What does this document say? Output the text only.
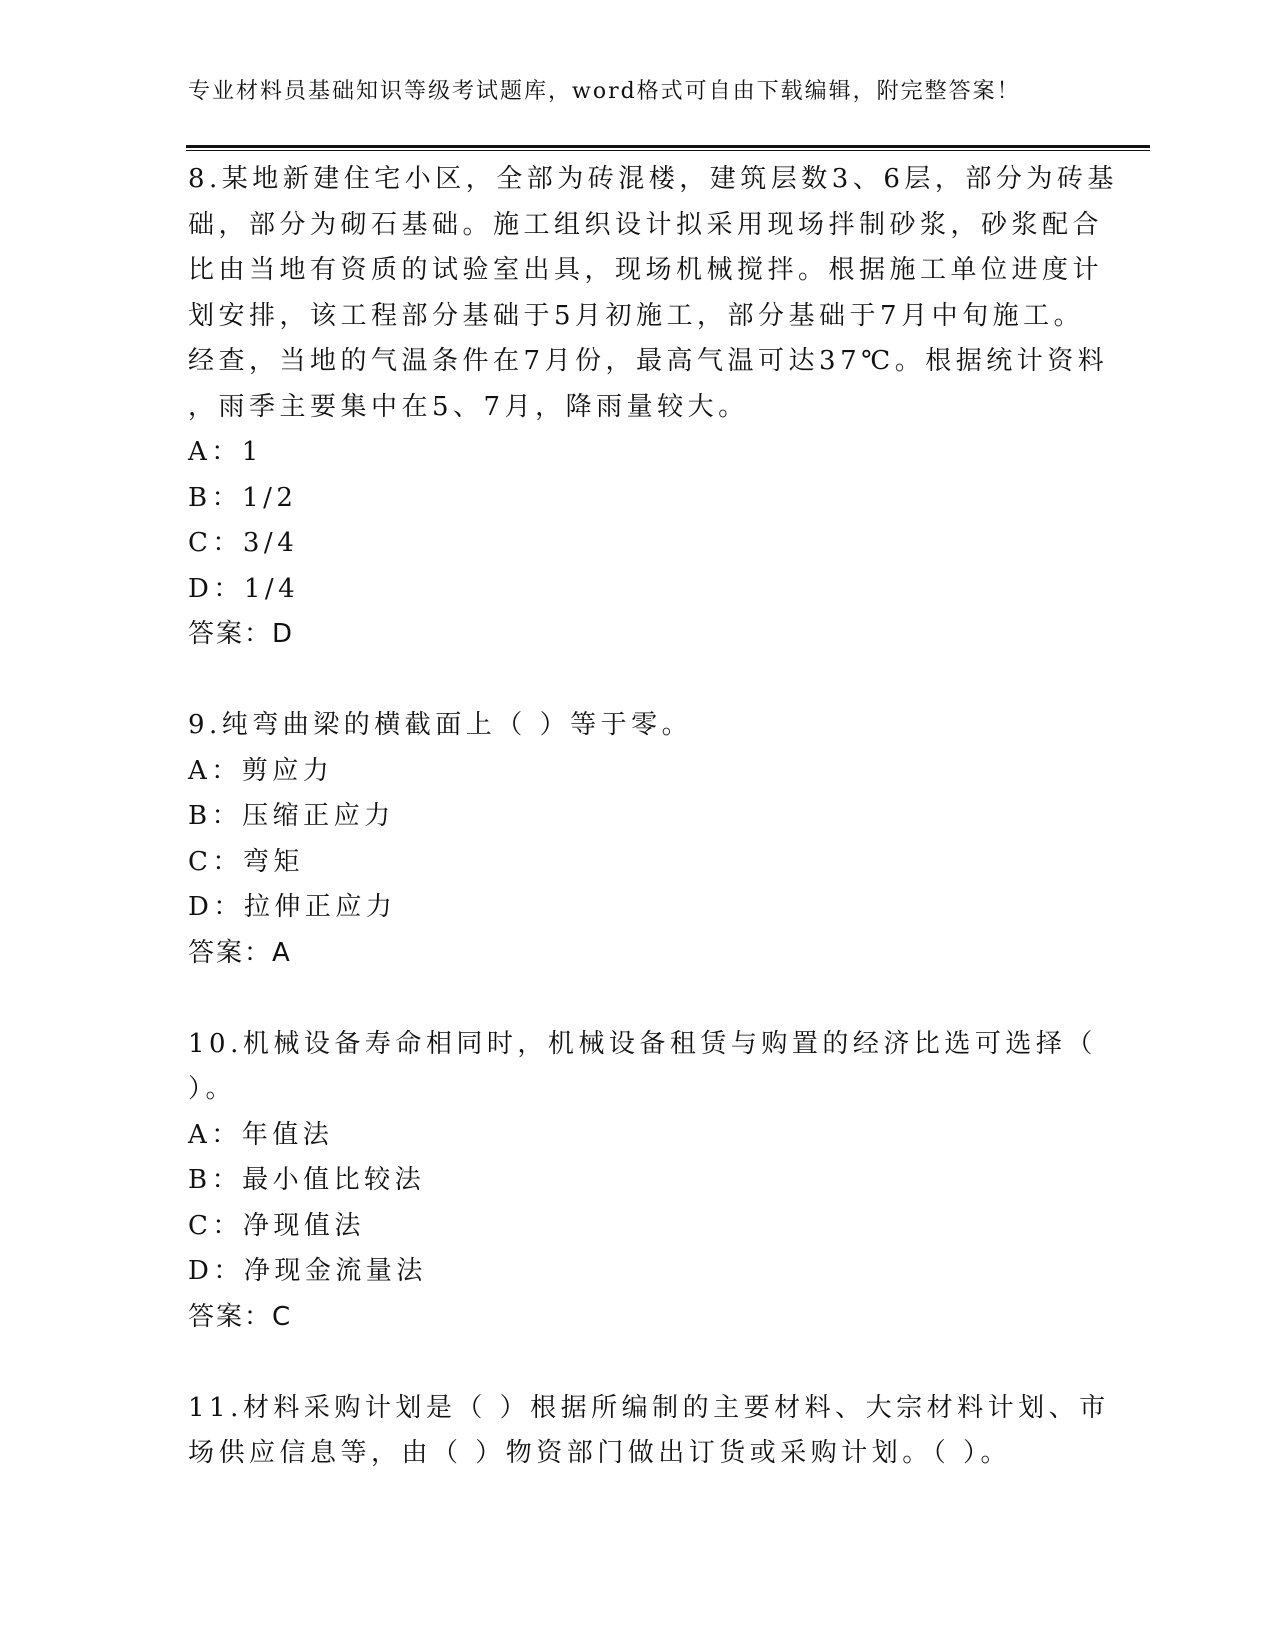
专业材料员基础知识等级考试题库，word格式可自由下载编辑，附完整答案！
8.某地新建住宅小区，全部为砖混楼，建筑层数3、6层，部分为砖基
础，部分为砌石基础。施工组织设计拟采用现场拌制砂浆，砂浆配合
比由当地有资质的试验室出具，现场机械搅拌。根据施工单位进度计
划安排，该工程部分基础于5月初施工，部分基础于7月中旬施工。
经查，当地的气温条件在7月份，最高气温可达37℃。根据统计资料
，雨季主要集中在5、7月，降雨量较大。
A：1
B：1/2
C：3/4
D：1/4
答案：D
9.纯弯曲梁的横截面上（ ）等于零。
A：剪应力
B：压缩正应力
C：弯矩
D：拉伸正应力
答案：A
10.机械设备寿命相同时，机械设备租赁与购置的经济比选可选择（
）。
A：年值法
B：最小值比较法
C：净现值法
D：净现金流量法
答案：C
11.材料采购计划是（ ）根据所编制的主要材料、大宗材料计划、市
场供应信息等，由（ ）物资部门做出订货或采购计划。（ ）。
